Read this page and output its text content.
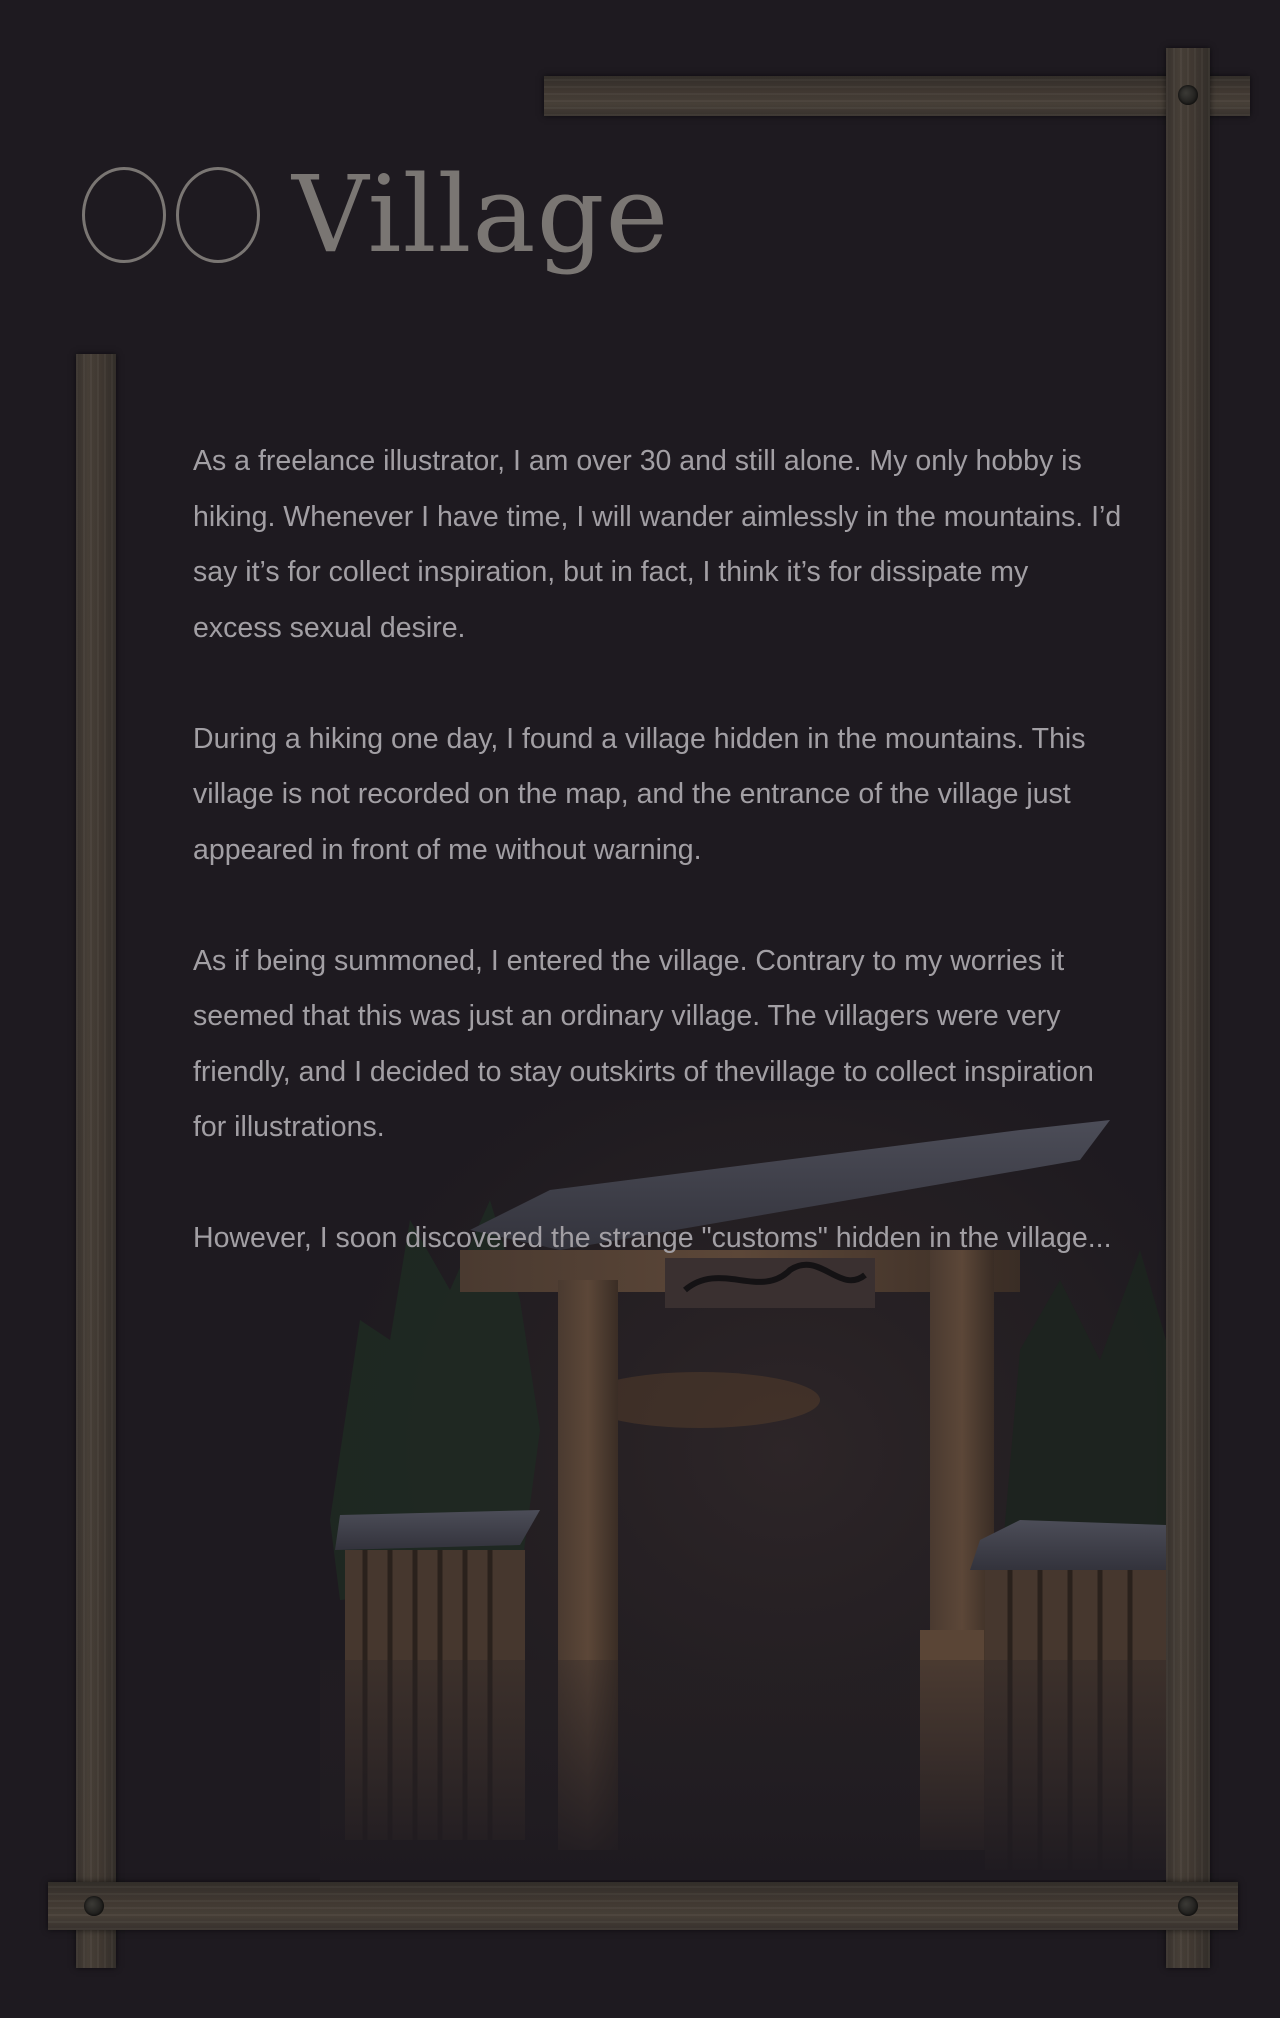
Village

As a freelance illustrator, I am over 30 and still alone. My only hobby is hiking. Whenever I have time, I will wander aimlessly in the mountains. I’d say it’s for collect inspiration, but in fact, I think it’s for dissipate my excess sexual desire.

During a hiking one day, I found a village hidden in the mountains. This village is not recorded on the map, and the entrance of the village just appeared in front of me without warning.

As if being summoned, I entered the village. Contrary to my worries it seemed that this was just an ordinary village. The villagers were very friendly, and I decided to stay outskirts of thevillage to collect inspiration for illustrations.

However, I soon discovered the strange "customs" hidden in the village...
